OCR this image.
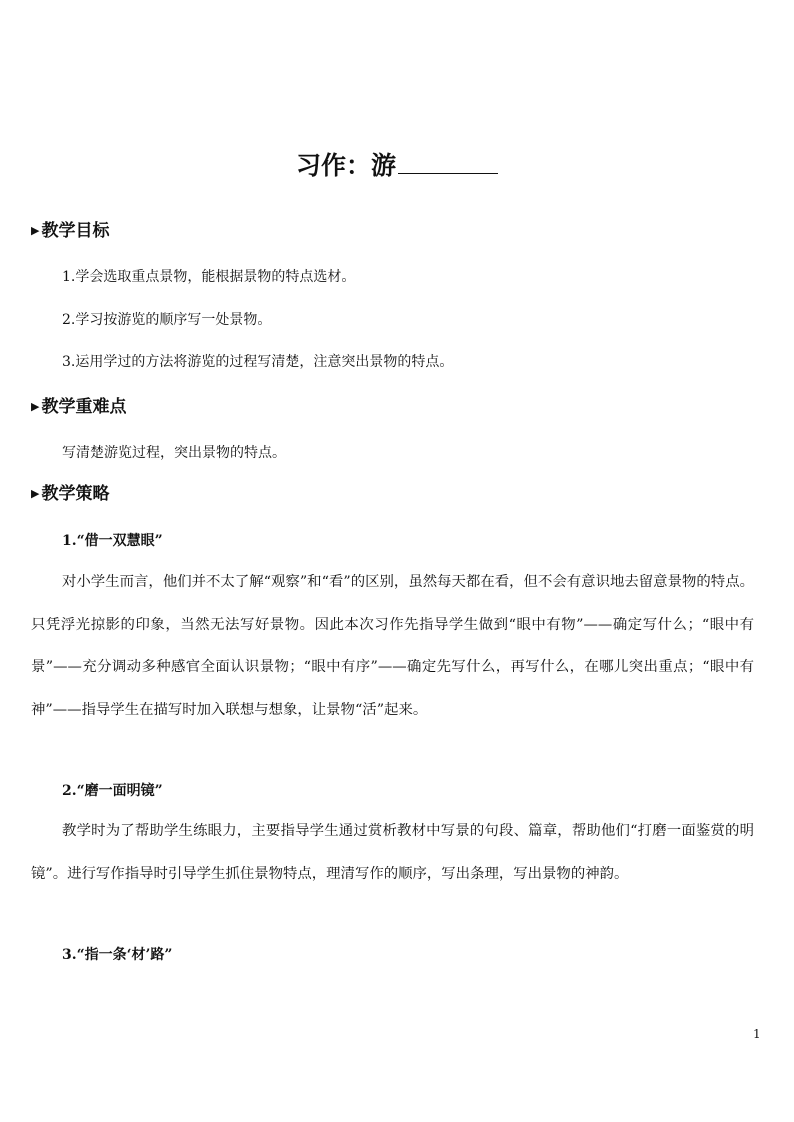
习作：游
▶ 教学目标

1.学会选取重点景物，能根据景物的特点选材。

2.学习按游览的顺序写一处景物。

3.运用学过的方法将游览的过程写清楚，注意突出景物的特点。

▶ 教学重难点

写清楚游览过程，突出景物的特点。

▶ 教学策略

1.“借一双慧眼”

对小学生而言，他们并不太了解“观察”和“看”的区别，虽然每天都在看，但不会有意识地去留意景物的特点。只凭浮光掠影的印象，当然无法写好景物。因此本次习作先指导学生做到“眼中有物”——确定写什么；“眼中有景”——充分调动多种感官全面认识景物；“眼中有序”——确定先写什么，再写什么，在哪儿突出重点；“眼中有神”——指导学生在描写时加入联想与想象，让景物“活”起来。

2.“磨一面明镜”

教学时为了帮助学生练眼力，主要指导学生通过赏析教材中写景的句段、篇章，帮助他们“打磨一面鉴赏的明镜”。进行写作指导时引导学生抓住景物特点，理清写作的顺序，写出条理，写出景物的神韵。

3.“指一条‘材’路”

1
